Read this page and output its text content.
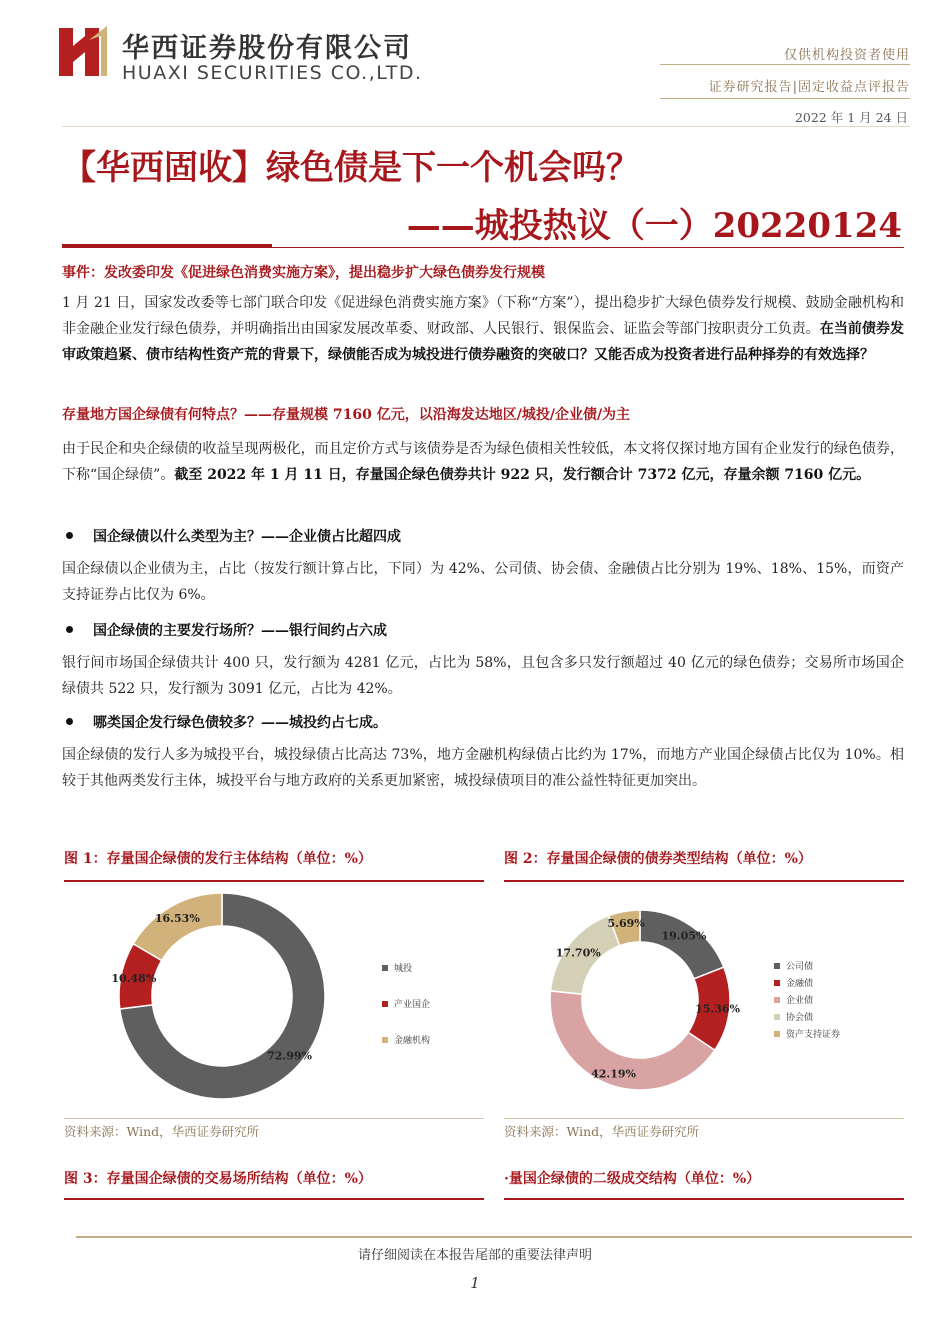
华西证券股份有限公司
HUAXI SECURITIES CO.,LTD.
仅供机构投资者使用
证券研究报告|固定收益点评报告
2022 年 1 月 24 日
【华西固收】绿色债是下一个机会吗？
——城投热议（一）20220124
事件：发改委印发《促进绿色消费实施方案》，提出稳步扩大绿色债券发行规模
1 月 21 日，国家发改委等七部门联合印发《促进绿色消费实施方案》（下称“方案”），提出稳步扩大绿色债券发行规模、鼓励金融机构和非金融企业发行绿色债券，并明确指出由国家发展改革委、财政部、人民银行、银保监会、证监会等部门按职责分工负责。在当前债券发审政策趋紧、债市结构性资产荒的背景下，绿债能否成为城投进行债券融资的突破口？又能否成为投资者进行品种择券的有效选择？
存量地方国企绿债有何特点？——存量规模 7160 亿元，以沿海发达地区/城投/企业债/为主
由于民企和央企绿债的收益呈现两极化，而且定价方式与该债券是否为绿色债相关性较低，本文将仅探讨地方国有企业发行的绿色债券，下称“国企绿债”。截至 2022 年 1 月 11 日，存量国企绿色债券共计 922 只，发行额合计 7372 亿元，存量余额 7160 亿元。
国企绿债以什么类型为主？——企业债占比超四成
国企绿债以企业债为主，占比（按发行额计算占比，下同）为 42%、公司债、协会债、金融债占比分别为 19%、18%、15%，而资产支持证券占比仅为 6%。
国企绿债的主要发行场所？——银行间约占六成
银行间市场国企绿债共计 400 只，发行额为 4281 亿元，占比为 58%，且包含多只发行额超过 40 亿元的绿色债券；交易所市场国企绿债共 522 只，发行额为 3091 亿元，占比为 42%。
哪类国企发行绿色债较多？——城投约占七成。
国企绿债的发行人多为城投平台，城投绿债占比高达 73%，地方金融机构绿债占比约为 17%，而地方产业国企绿债占比仅为 10%。相较于其他两类发行主体，城投平台与地方政府的关系更加紧密，城投绿债项目的准公益性特征更加突出。
图 1：存量国企绿债的发行主体结构（单位：%）
72.99%
10.48%
16.53%
城投
产业国企
金融机构
资料来源：Wind，华西证券研究所
图 2：存量国企绿债的债券类型结构（单位：%）
19.05%
15.36%
42.19%
17.70%
5.69%
公司债
金融债
企业债
协会债
资产支持证券
资料来源：Wind，华西证券研究所
图 3：存量国企绿债的交易场所结构（单位：%）	·量国企绿债的二级成交结构（单位：%）
请仔细阅读在本报告尾部的重要法律声明
1
